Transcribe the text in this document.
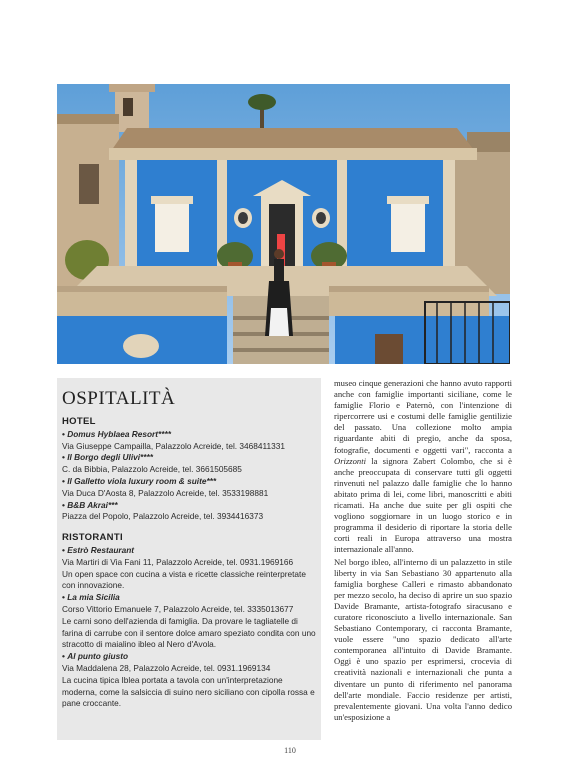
OSPITALITÀ
HOTEL
• Domus Hyblaea Resort****
Via Giuseppe Campailla, Palazzolo Acreide, tel. 3468411331
• Il Borgo degli Ulivi****
C. da Bibbia, Palazzolo Acreide, tel. 3661505685
• Il Galletto viola luxury room & suite***
Via Duca D'Aosta 8, Palazzolo Acreide, tel. 3533198881
• B&B Akrai***
Piazza del Popolo, Palazzolo Acreide, tel. 3934416373
RISTORANTI
• Estrò Restaurant
Via Martiri di Via Fani 11, Palazzolo Acreide, tel. 0931.1969166
Un open space con cucina a vista e ricette classiche reinterpretate con innovazione.
• La mia Sicilia
Corso Vittorio Emanuele 7, Palazzolo Acreide, tel. 3335013677
Le carni sono dell'azienda di famiglia. Da provare le tagliatelle di farina di carrube con il sentore dolce amaro speziato condita con uno stracotto di maialino ibleo al Nero d'Avola.
• Al punto giusto
Via Maddalena 28, Palazzolo Acreide, tel. 0931.1969134
La cucina tipica Iblea portata a tavola con un'interpretazione moderna, come la salsiccia di suino nero siciliano con cipolla rossa e pane croccante.

museo cinque generazioni che hanno avuto rapporti anche con famiglie importanti siciliane, come le famiglie Florio e Paternò, con l'intenzione di ripercorrere usi e costumi delle famiglie gentilizie del passato. Una collezione molto ampia riguardante abiti di pregio, anche da sposa, fotografie, documenti e oggetti vari", racconta a Orizzonti la signora Zabert Colombo, che si è anche preoccupata di conservare tutti gli oggetti rinvenuti nel palazzo dalle famiglie che lo hanno abitato prima di lei, come libri, manoscritti e abiti ricamati. Ha anche due suite per gli ospiti che vogliono soggiornare in un luogo storico e in programma il desiderio di riportare la storia delle corti reali in Europa attraverso una mostra internazionale all'anno.

Nel borgo ibleo, all'interno di un palazzetto in stile liberty in via San Sebastiano 30 appartenuto alla famiglia borghese Calleri e rimasto abbandonato per mezzo secolo, ha deciso di aprire un suo spazio Davide Bramante, artista-fotografo siracusano e curatore riconosciuto a livello internazionale. San Sebastiano Contemporary, ci racconta Bramante, vuole essere "uno spazio dedicato all'arte contemporanea all'intuito di Davide Bramante. Oggi è uno spazio per esprimersi, crocevia di creatività nazionali e internazionali che punta a diventare un punto di riferimento nel panorama dell'arte mondiale. Faccio residenze per artisti, prevalentemente giovani. Una volta l'anno dedico un'esposizione a

110
